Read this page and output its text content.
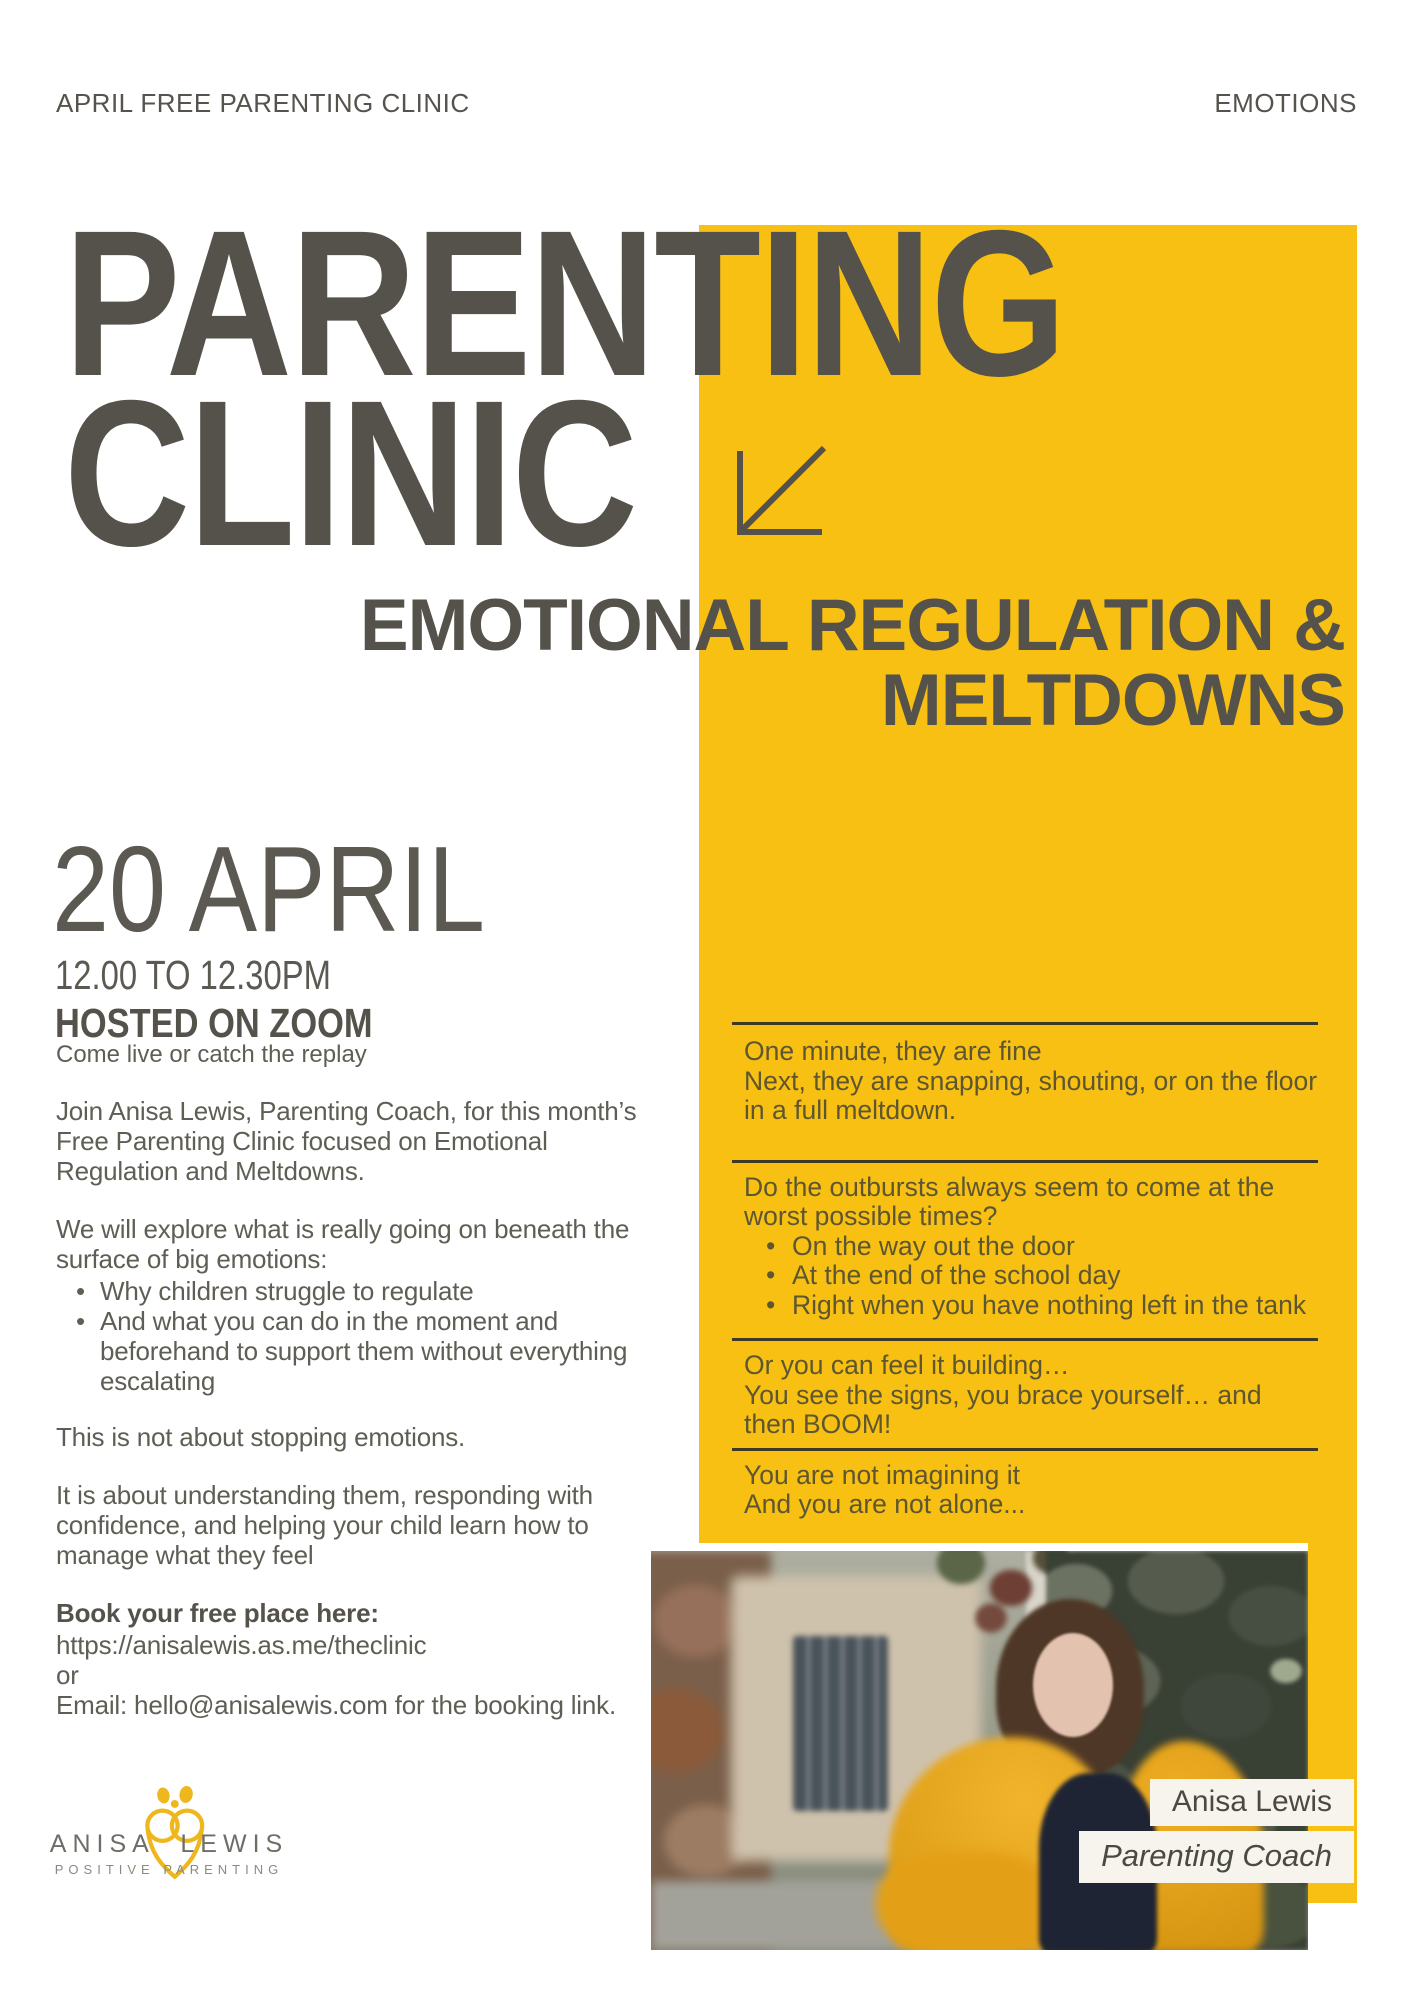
APRIL FREE PARENTING CLINIC	EMOTIONS
PARENTING
CLINIC
EMOTIONAL REGULATION &
MELTDOWNS
20 APRIL
12.00 TO 12.30PM
HOSTED ON ZOOM
Come live or catch the replay

Join Anisa Lewis, Parenting Coach, for this month’s Free Parenting Clinic focused on Emotional Regulation and Meltdowns.

We will explore what is really going on beneath the surface of big emotions:

• Why children struggle to regulate
• And what you can do in the moment and beforehand to support them without everything escalating

This is not about stopping emotions.

It is about understanding them, responding with confidence, and helping your child learn how to manage what they feel

Book your free place here:

https://anisalewis.as.me/theclinic
or
Email: hello@anisalewis.com for the booking link.
One minute, they are fine
Next, they are snapping, shouting, or on the floor in a full meltdown.
Do the outbursts always seem to come at the worst possible times?
• On the way out the door
• At the end of the school day
• Right when you have nothing left in the tank
Or you can feel it building…
You see the signs, you brace yourself… and then BOOM!
You are not imagining it
And you are not alone...
Anisa Lewis
Parenting Coach
ANISA LEWIS
POSITIVE PARENTING
